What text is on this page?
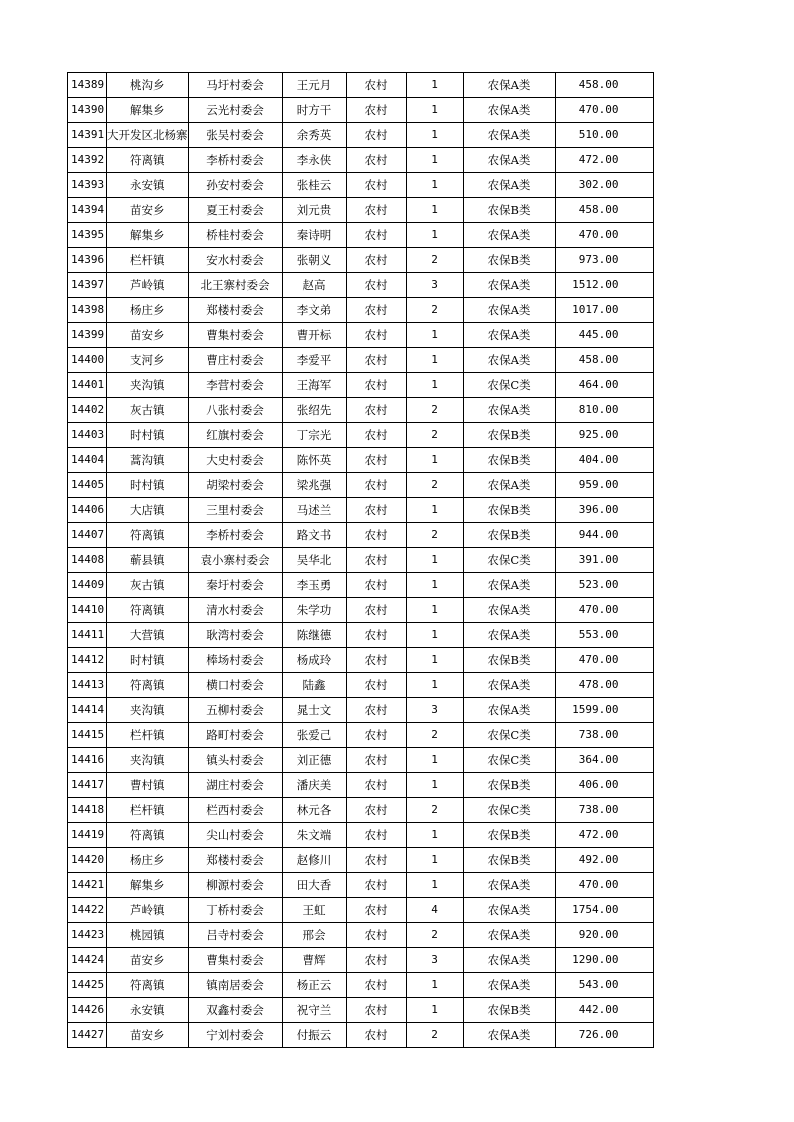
14389	桃沟乡	马圩村委会	王元月	农村	1	农保A类	458.00
14390	解集乡	云光村委会	时方干	农村	1	农保A类	470.00
14391	大开发区北杨寨	张吴村委会	余秀英	农村	1	农保A类	510.00
14392	符离镇	李桥村委会	李永侠	农村	1	农保A类	472.00
14393	永安镇	孙安村委会	张桂云	农村	1	农保A类	302.00
14394	苗安乡	夏王村委会	刘元贵	农村	1	农保B类	458.00
14395	解集乡	桥桂村委会	秦诗明	农村	1	农保A类	470.00
14396	栏杆镇	安水村委会	张朝义	农村	2	农保B类	973.00
14397	芦岭镇	北王寨村委会	赵高	农村	3	农保A类	1512.00
14398	杨庄乡	郑楼村委会	李文弟	农村	2	农保A类	1017.00
14399	苗安乡	曹集村委会	曹开标	农村	1	农保A类	445.00
14400	支河乡	曹庄村委会	李爱平	农村	1	农保A类	458.00
14401	夹沟镇	李营村委会	王海军	农村	1	农保C类	464.00
14402	灰古镇	八张村委会	张绍先	农村	2	农保A类	810.00
14403	时村镇	红旗村委会	丁宗光	农村	2	农保B类	925.00
14404	蒿沟镇	大史村委会	陈怀英	农村	1	农保B类	404.00
14405	时村镇	胡梁村委会	梁兆强	农村	2	农保A类	959.00
14406	大店镇	三里村委会	马述兰	农村	1	农保B类	396.00
14407	符离镇	李桥村委会	路文书	农村	2	农保B类	944.00
14408	蕲县镇	袁小寨村委会	吴华北	农村	1	农保C类	391.00
14409	灰古镇	秦圩村委会	李玉勇	农村	1	农保A类	523.00
14410	符离镇	清水村委会	朱学功	农村	1	农保A类	470.00
14411	大营镇	耿湾村委会	陈继德	农村	1	农保A类	553.00
14412	时村镇	棒场村委会	杨成玲	农村	1	农保B类	470.00
14413	符离镇	横口村委会	陆鑫	农村	1	农保A类	478.00
14414	夹沟镇	五柳村委会	晁士文	农村	3	农保A类	1599.00
14415	栏杆镇	路町村委会	张爱己	农村	2	农保C类	738.00
14416	夹沟镇	镇头村委会	刘正德	农村	1	农保C类	364.00
14417	曹村镇	湖庄村委会	潘庆美	农村	1	农保B类	406.00
14418	栏杆镇	栏西村委会	林元各	农村	2	农保C类	738.00
14419	符离镇	尖山村委会	朱文端	农村	1	农保B类	472.00
14420	杨庄乡	郑楼村委会	赵修川	农村	1	农保B类	492.00
14421	解集乡	柳源村委会	田大香	农村	1	农保A类	470.00
14422	芦岭镇	丁桥村委会	王虹	农村	4	农保A类	1754.00
14423	桃园镇	吕寺村委会	邢会	农村	2	农保A类	920.00
14424	苗安乡	曹集村委会	曹辉	农村	3	农保A类	1290.00
14425	符离镇	镇南居委会	杨正云	农村	1	农保A类	543.00
14426	永安镇	双鑫村委会	祝守兰	农村	1	农保B类	442.00
14427	苗安乡	宁刘村委会	付振云	农村	2	农保A类	726.00
